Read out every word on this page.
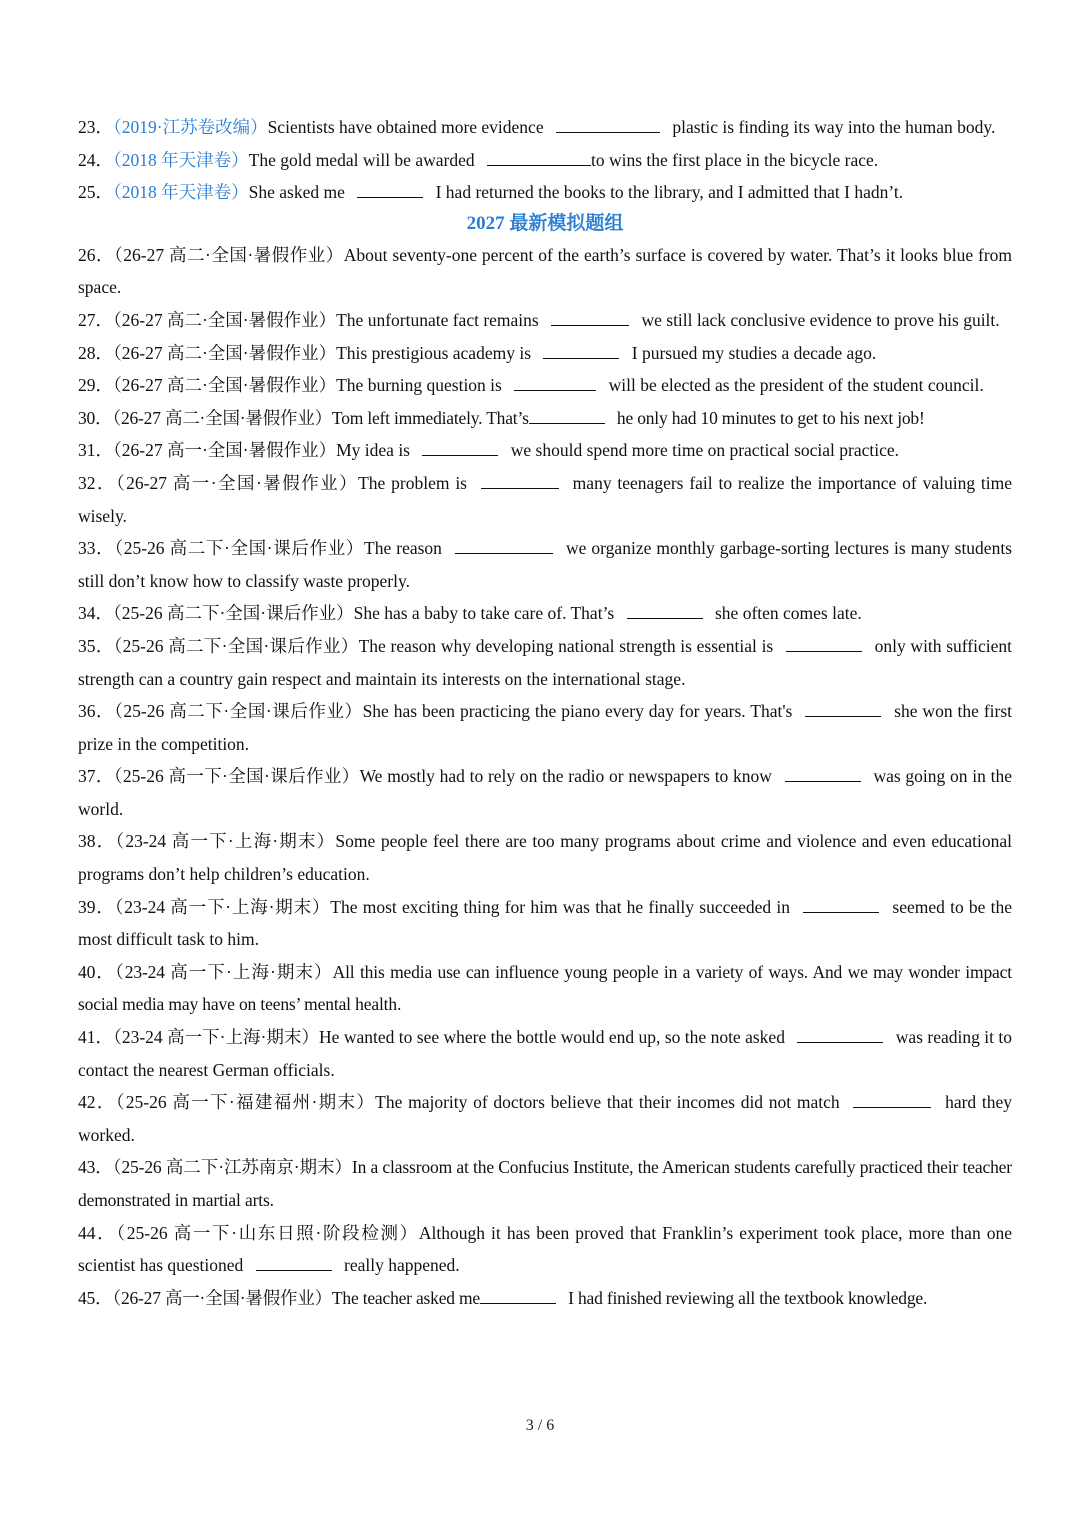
23．（2019·江苏卷改编）Scientists have obtained more evidence	plastic is finding its way into the human body.

24．（2018 年天津卷）The gold medal will be awarded	to wins the first place in the bicycle race.

25．（2018 年天津卷）She asked me	I had returned the books to the library, and I admitted that I hadn’t.

2027 最新模拟题组

26．（26-27 高二·全国·暑假作业）About seventy-one percent of the earth’s surface is covered by water. That’s it looks blue from space.

27．（26-27 高二·全国·暑假作业）The unfortunate fact remains	we still lack conclusive evidence to prove his guilt.

28．（26-27 高二·全国·暑假作业）This prestigious academy is	I pursued my studies a decade ago.

29．（26-27 高二·全国·暑假作业）The burning question is	will be elected as the president of the student council.

30．（26-27 高二·全国·暑假作业）Tom left immediately. That’s	he only had 10 minutes to get to his next job!

31．（26-27 高一·全国·暑假作业）My idea is	we should spend more time on practical social practice.

32．（26-27 高一·全国·暑假作业）The problem is	many teenagers fail to realize the importance of valuing time wisely.

33．（25-26 高二下·全国·课后作业）The reason	we organize monthly garbage-sorting lectures is many students still don’t know how to classify waste properly.

34．（25-26 高二下·全国·课后作业）She has a baby to take care of. That’s	she often comes late.

35．（25-26 高二下·全国·课后作业）The reason why developing national strength is essential is	only with sufficient strength can a country gain respect and maintain its interests on the international stage.

36．（25-26 高二下·全国·课后作业）She has been practicing the piano every day for years. That's	she won the first prize in the competition.

37．（25-26 高一下·全国·课后作业）We mostly had to rely on the radio or newspapers to know	was going on in the world.

38．（23-24 高一下·上海·期末）Some people feel there are too many programs about crime and violence and even educational programs don’t help children’s education.

39．（23-24 高一下·上海·期末）The most exciting thing for him was that he finally succeeded in	seemed to be the most difficult task to him.

40．（23-24 高一下·上海·期末）All this media use can influence young people in a variety of ways. And we may wonder impact social media may have on teens’ mental health.

41．（23-24 高一下·上海·期末）He wanted to see where the bottle would end up, so the note asked	was reading it to contact the nearest German officials.

42．（25-26 高一下·福建福州·期末）The majority of doctors believe that their incomes did not match	hard they worked.

43．（25-26 高二下·江苏南京·期末）In a classroom at the Confucius Institute, the American students carefully practiced their teacher demonstrated in martial arts.

44．（25-26 高一下·山东日照·阶段检测）Although it has been proved that Franklin’s experiment took place, more than one scientist has questioned	really happened.

45．（26-27 高一·全国·暑假作业）The teacher asked me	I had finished reviewing all the textbook knowledge.

3 / 6
